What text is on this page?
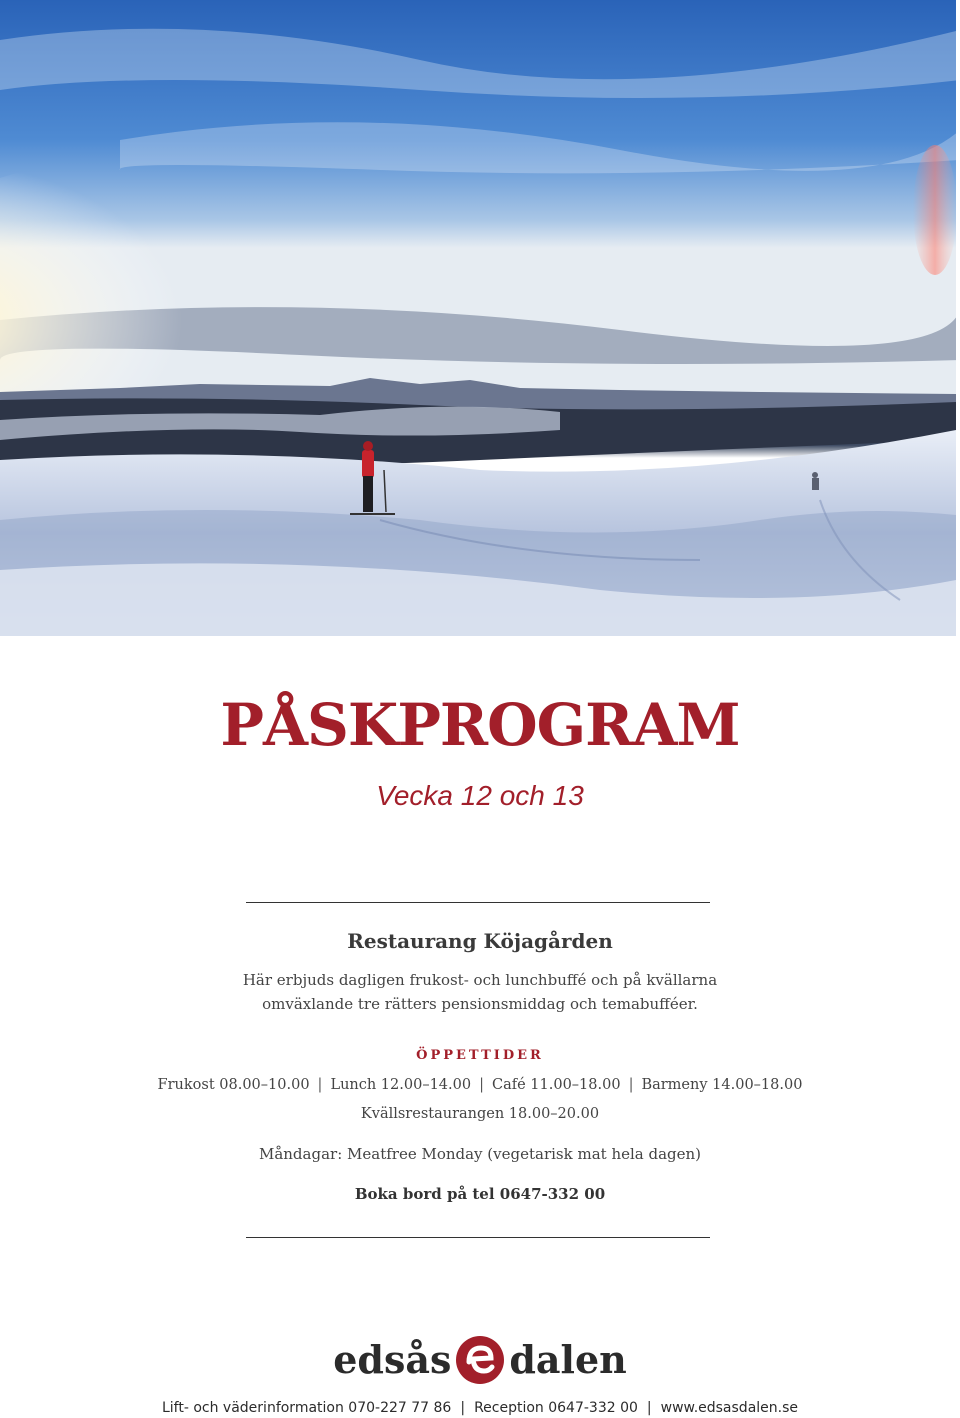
PÅSKPROGRAM

Vecka 12 och 13

Restaurang Köjagården

Här erbjuds dagligen frukost- och lunchbuffé och på kvällarna
omväxlande tre rätters pensionsmiddag och temabufféer.

ÖPPETTIDER
Frukost 08.00–10.00 | Lunch 12.00–14.00 | Café 11.00–18.00 | Barmeny 14.00–18.00
Kvällsrestaurangen 18.00–20.00

Måndagar: Meatfree Monday (vegetarisk mat hela dagen)

Boka bord på tel 0647-332 00

edsås dalen
Lift- och väderinformation 070-227 77 86 | Reception 0647-332 00 | www.edsasdalen.se
